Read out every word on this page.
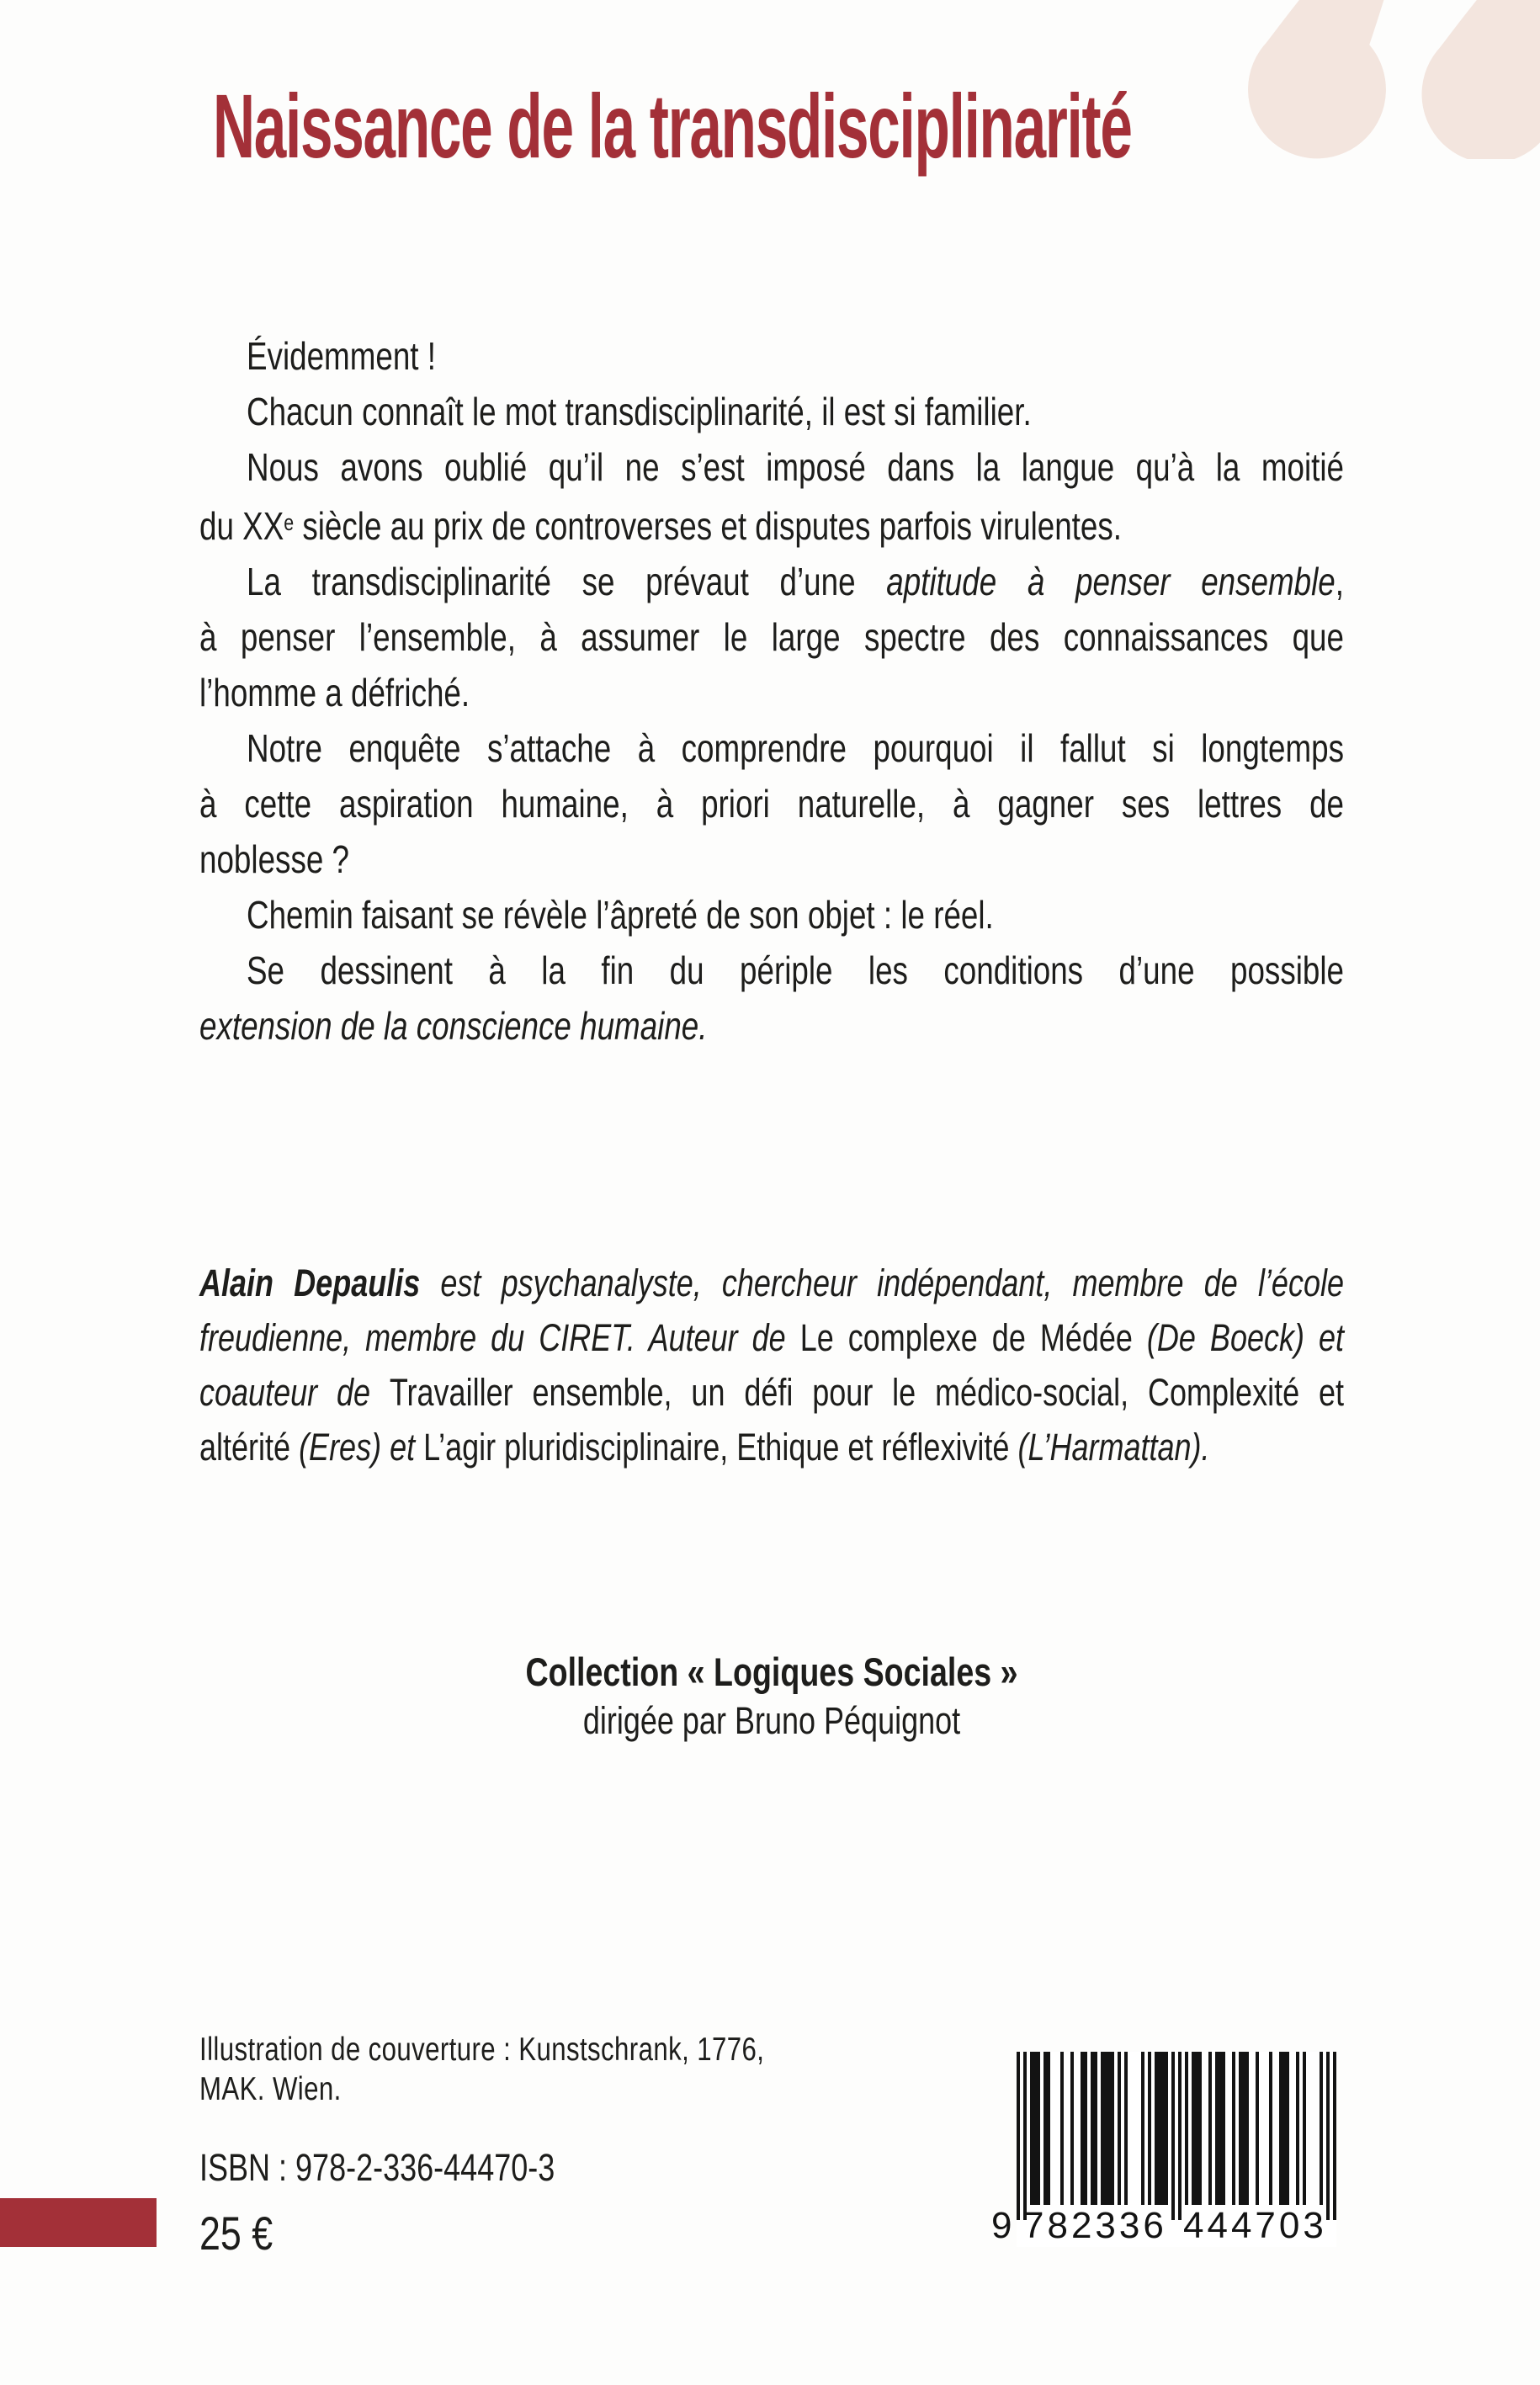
Naissance de la transdisciplinarité
Évidemment !
Chacun connaît le mot transdisciplinarité, il est si familier.
Nous avons oublié qu’il ne s’est imposé dans la langue qu’à la moitié
du XXe siècle au prix de controverses et disputes parfois virulentes.
La transdisciplinarité se prévaut d’une aptitude à penser ensemble,
à penser l’ensemble, à assumer le large spectre des connaissances que
l’homme a défriché.
Notre enquête s’attache à comprendre pourquoi il fallut si longtemps
à cette aspiration humaine, à priori naturelle, à gagner ses lettres de
noblesse ?
Chemin faisant se révèle l’âpreté de son objet : le réel.
Se dessinent à la fin du périple les conditions d’une possible
extension de la conscience humaine.
Alain Depaulis est psychanalyste, chercheur indépendant, membre de l’école
freudienne, membre du CIRET. Auteur de Le complexe de Médée (De Boeck) et
coauteur de Travailler ensemble, un défi pour le médico-social, Complexité et
altérité (Eres) et L’agir pluridisciplinaire, Ethique et réflexivité (L’Harmattan).
Collection « Logiques Sociales »
dirigée par Bruno Péquignot
Illustration de couverture : Kunstschrank, 1776,
MAK. Wien.
ISBN : 978-2-336-44470-3
25 €	9 782336 444703
